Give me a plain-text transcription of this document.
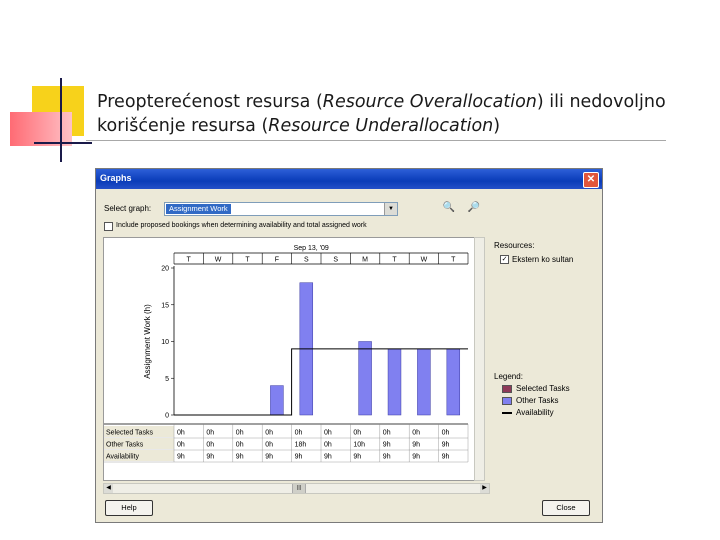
Preopterećenost resursa (Resource Overallocation) ili nedovoljno korišćenje resursa (Resource Underallocation)
Graphs	✕
Select graph:	Assignment Work	▼	🔍	🔎
Include proposed bookings when determining availability and total assigned work
Sep 13, '09
T	W	T	F	S	S	M	T	W	T
0
5
10
15
20
Assignment Work (h)
Selected Tasks	0h	0h	0h	0h	0h	0h	0h	0h	0h	0h
Other Tasks	0h	0h	0h	0h	18h	0h	10h	9h	9h	9h
Availability	9h	9h	9h	9h	9h	9h	9h	9h	9h	9h
◀	|||	▶
Resources:
✓ Ekstern ko sultan
Legend:
Selected Tasks
Other Tasks
Availability
Help	Close
